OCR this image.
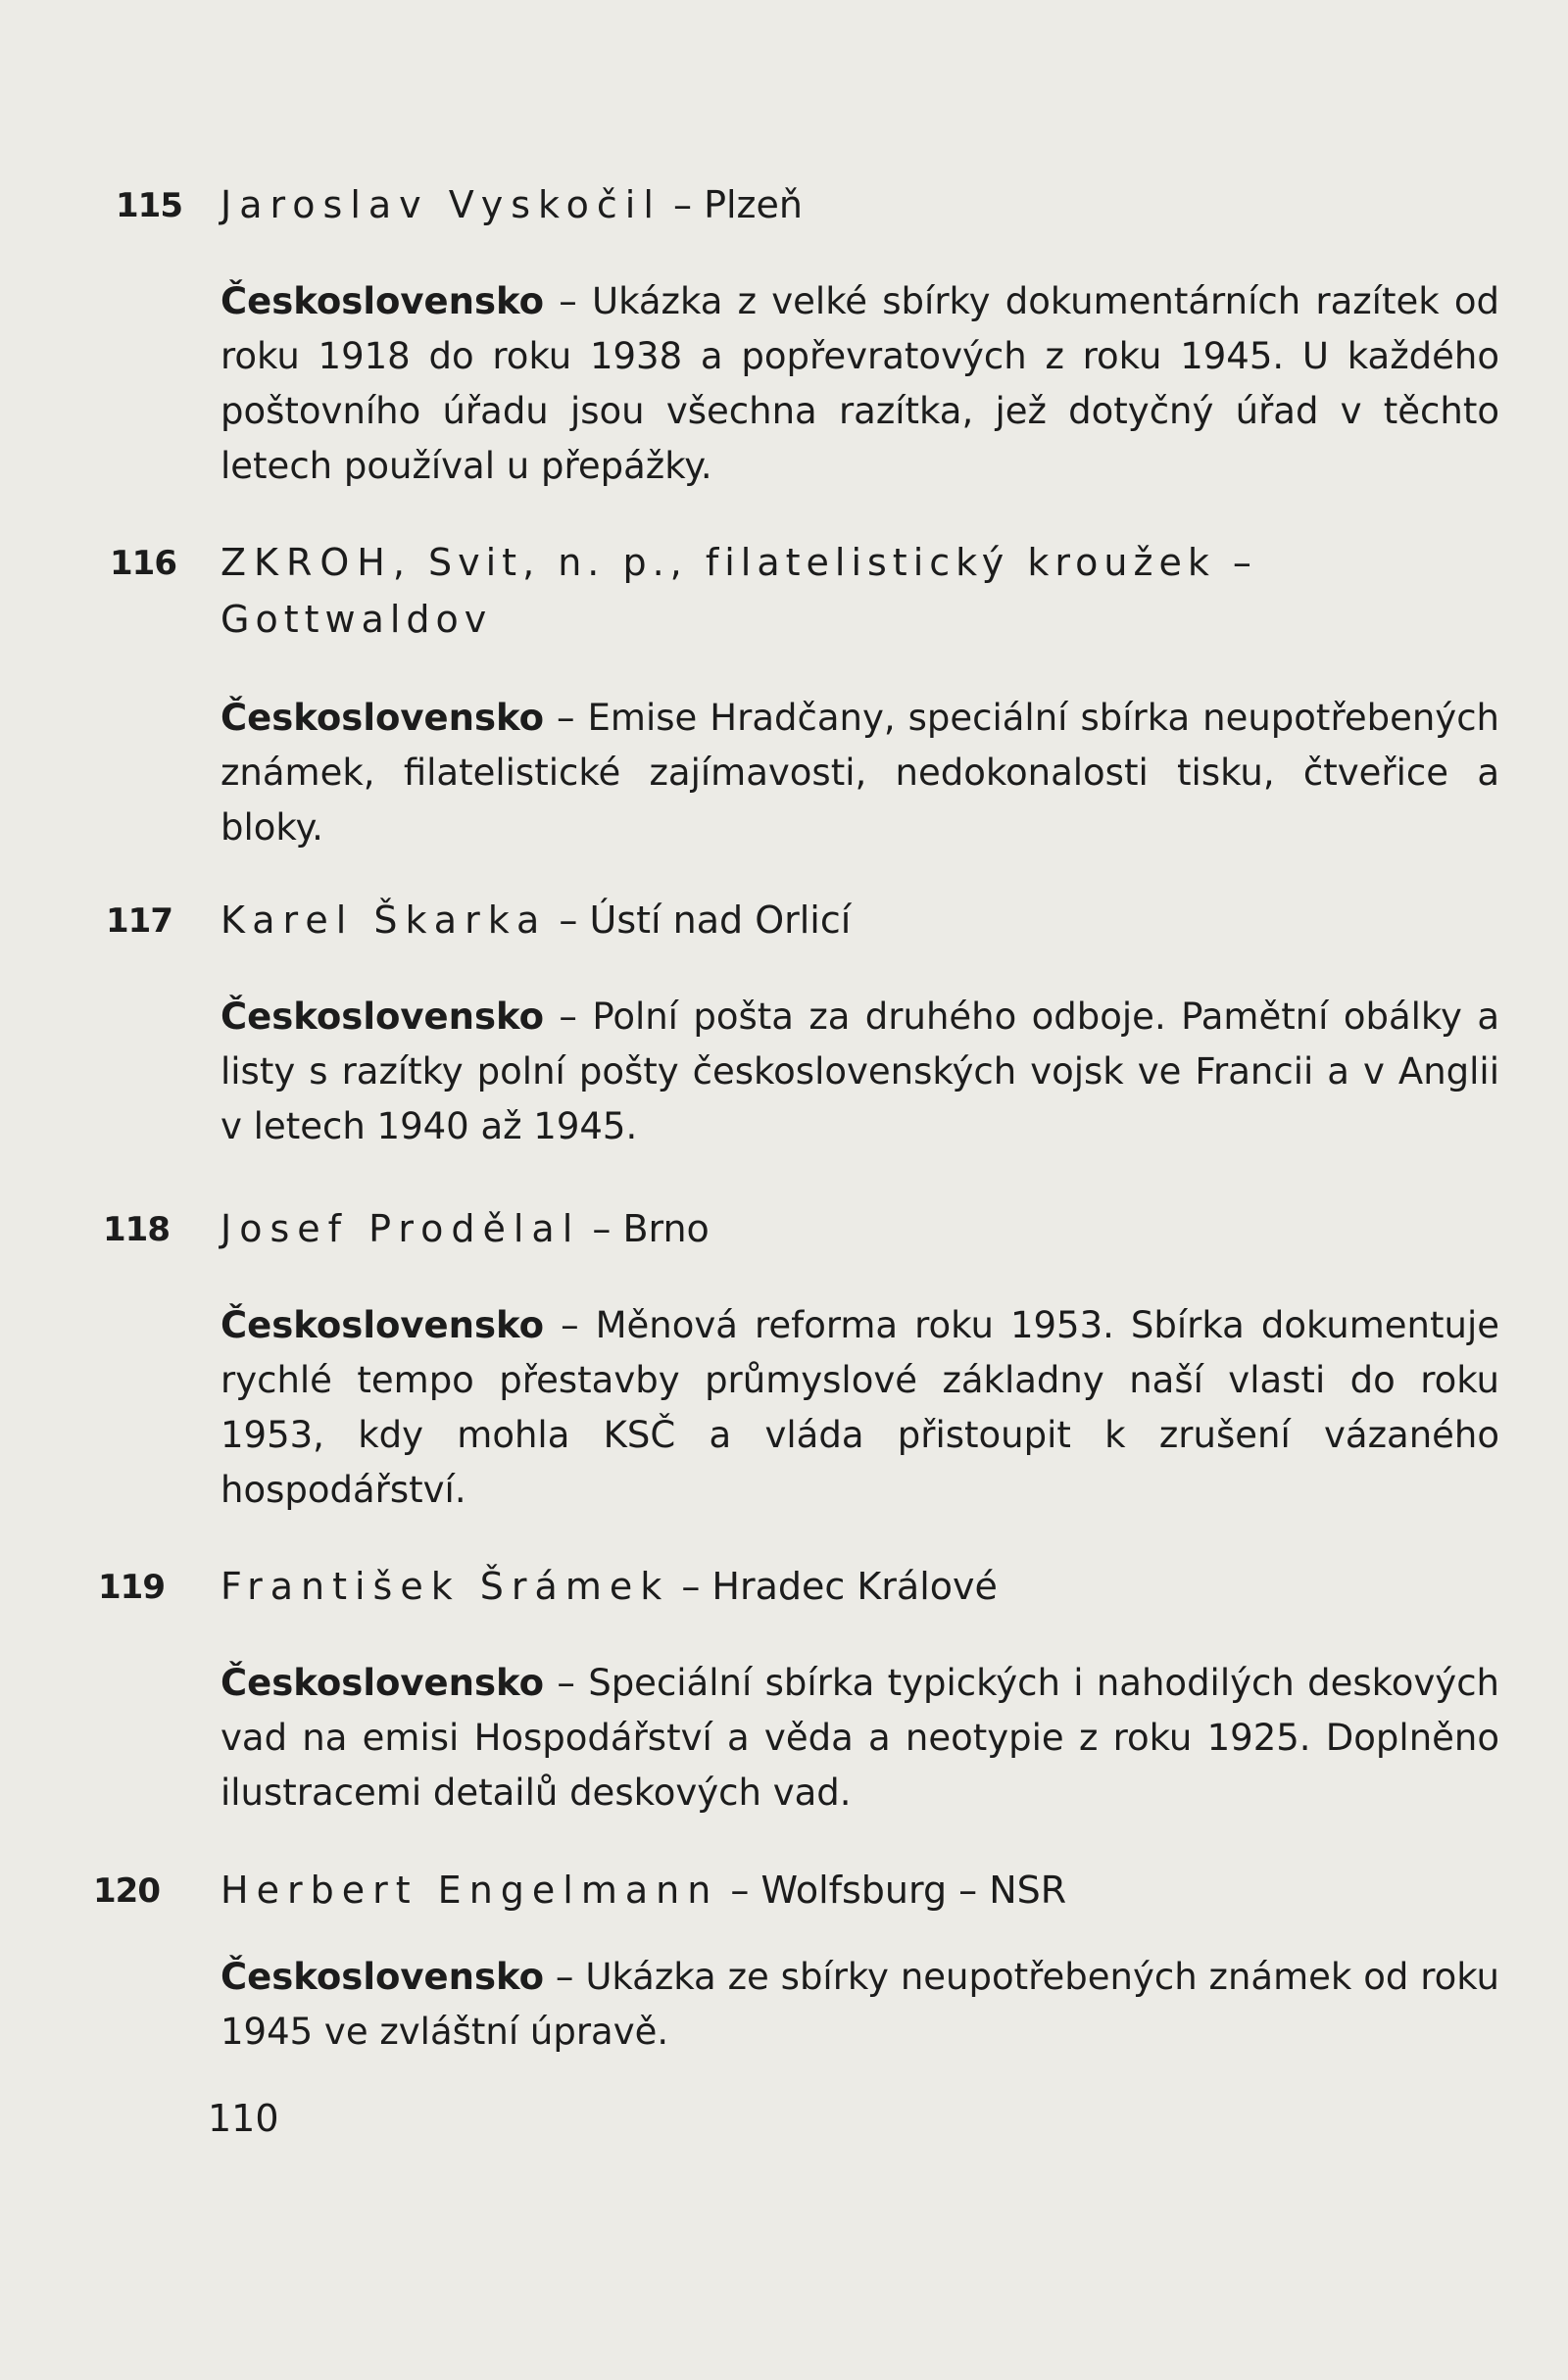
115	Jaroslav Vyskočil – Plzeň
Československo – Ukázka z velké sbírky dokumentárních razítek od roku 1918 do roku 1938 a popřevratových z roku 1945. U každého poštovního úřadu jsou všechna razítka, jež dotyčný úřad v těchto letech používal u přepážky.
116	ZKROH, Svit, n. p., filatelistický kroužek – Gottwaldov
Československo – Emise Hradčany, speciální sbírka neupotřebených známek, filatelistické zajímavosti, nedokonalosti tisku, čtveřice a bloky.
117	Karel Škarka – Ústí nad Orlicí
Československo – Polní pošta za druhého odboje. Pamětní obálky a listy s razítky polní pošty československých vojsk ve Francii a v Anglii v letech 1940 až 1945.
118	Josef Prodělal – Brno
Československo – Měnová reforma roku 1953. Sbírka dokumentuje rychlé tempo přestavby průmyslové základny naší vlasti do roku 1953, kdy mohla KSČ a vláda přistoupit k zrušení vázaného hospodářství.
119	František Šrámek – Hradec Králové
Československo – Speciální sbírka typických i nahodilých deskových vad na emisi Hospodářství a věda a neotypie z roku 1925. Doplněno ilustracemi detailů deskových vad.
120	Herbert Engelmann – Wolfsburg – NSR
Československo – Ukázka ze sbírky neupotřebených známek od roku 1945 ve zvláštní úpravě.
110
